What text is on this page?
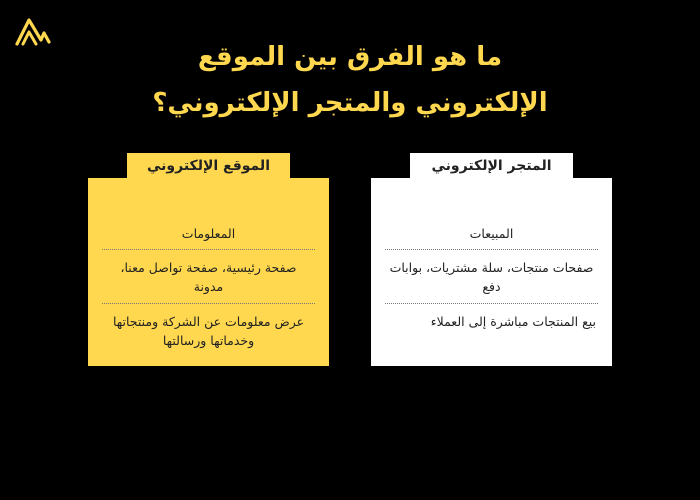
ما هو الفرق بين الموقع
الإلكتروني والمتجر الإلكتروني؟
المعلومات
صفحة رئيسية، صفحة تواصل معنا، مدونة
عرض معلومات عن الشركة ومنتجاتها وخدماتها ورسالتها
الموقع الإلكتروني
المبيعات
صفحات منتجات، سلة مشتريات، بوابات دفع
بيع المنتجات مباشرة إلى العملاء
المتجر الإلكتروني
